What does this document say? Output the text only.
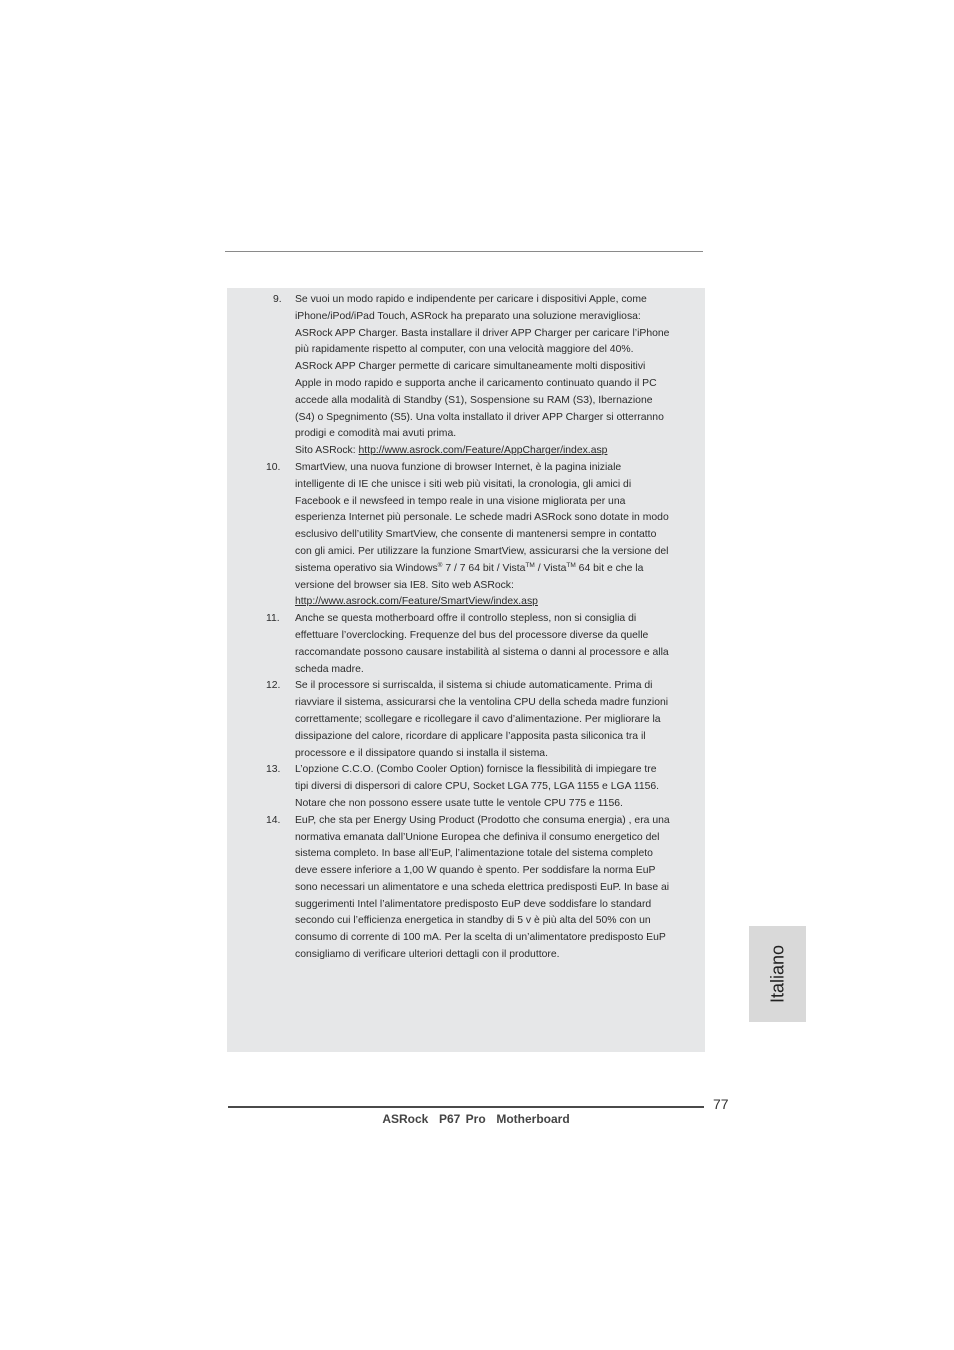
9.	Se vuoi un modo rapido e indipendente per caricare i dispositivi Apple, come iPhone/iPod/iPad Touch, ASRock ha preparato una soluzione meravigliosa: ASRock APP Charger. Basta installare il driver APP Charger per caricare l’iPhone più rapidamente rispetto al computer, con una velocità maggiore del 40%. ASRock APP Charger permette di caricare simultaneamente molti dispositivi Apple in modo rapido e supporta anche il caricamento continuato quando il PC accede alla modalità di Standby (S1), Sospensione su RAM (S3), Ibernazione (S4) o Spegnimento (S5). Una volta installato il driver APP Charger si otterranno prodigi e comodità mai avuti prima.

Sito ASRock: http://www.asrock.com/Feature/AppCharger/index.asp

10.	SmartView, una nuova funzione di browser Internet, è la pagina iniziale intelligente di IE che unisce i siti web più visitati, la cronologia, gli amici di Facebook e il newsfeed in tempo reale in una visione migliorata per una esperienza Internet più personale. Le schede madri ASRock sono dotate in modo esclusivo dell’utility SmartView, che consente di mantenersi sempre in contatto con gli amici. Per utilizzare la funzione SmartView, assicurarsi che la versione del sistema operativo sia Windows® 7 / 7 64 bit / Vista™ / Vista™ 64 bit e che la versione del browser sia IE8. Sito web ASRock: http://www.asrock.com/Feature/SmartView/index.asp

11.	Anche se questa motherboard offre il controllo stepless, non si consiglia di effettuare l’overclocking. Frequenze del bus del processore diverse da quelle raccomandate possono causare instabilità al sistema o danni al processore e alla scheda madre.

12.	Se il processore si surriscalda, il sistema si chiude automaticamente. Prima di riavviare il sistema, assicurarsi che la ventolina CPU della scheda madre funzioni correttamente; scollegare e ricollegare il cavo d’alimentazione. Per migliorare la dissipazione del calore, ricordare di applicare l’apposita pasta siliconica tra il processore e il dissipatore quando si installa il sistema.

13.	L’opzione C.C.O. (Combo Cooler Option) fornisce la flessibilità di impiegare tre tipi diversi di dispersori di calore CPU, Socket LGA 775, LGA 1155 e LGA 1156. Notare che non possono essere usate tutte le ventole CPU 775 e 1156.

14.	EuP, che sta per Energy Using Product (Prodotto che consuma energia) , era una normativa emanata dall’Unione Europea che definiva il consumo energetico del sistema completo. In base all’EuP, l’alimentazione totale del sistema completo deve essere inferiore a 1,00 W quando è spento. Per soddisfare la norma EuP sono necessari un alimentatore e una scheda elettrica predisposti EuP. In base ai suggerimenti Intel l’alimentatore predisposto EuP deve soddisfare lo standard secondo cui l’efficienza energetica in standby di 5 v è più alta del 50% con un consumo di corrente di 100 mA. Per la scelta di un’alimentatore predisposto EuP consigliamo di verificare ulteriori dettagli con il produttore.	Italiano
77
ASRock  P67 Pro  Motherboard
